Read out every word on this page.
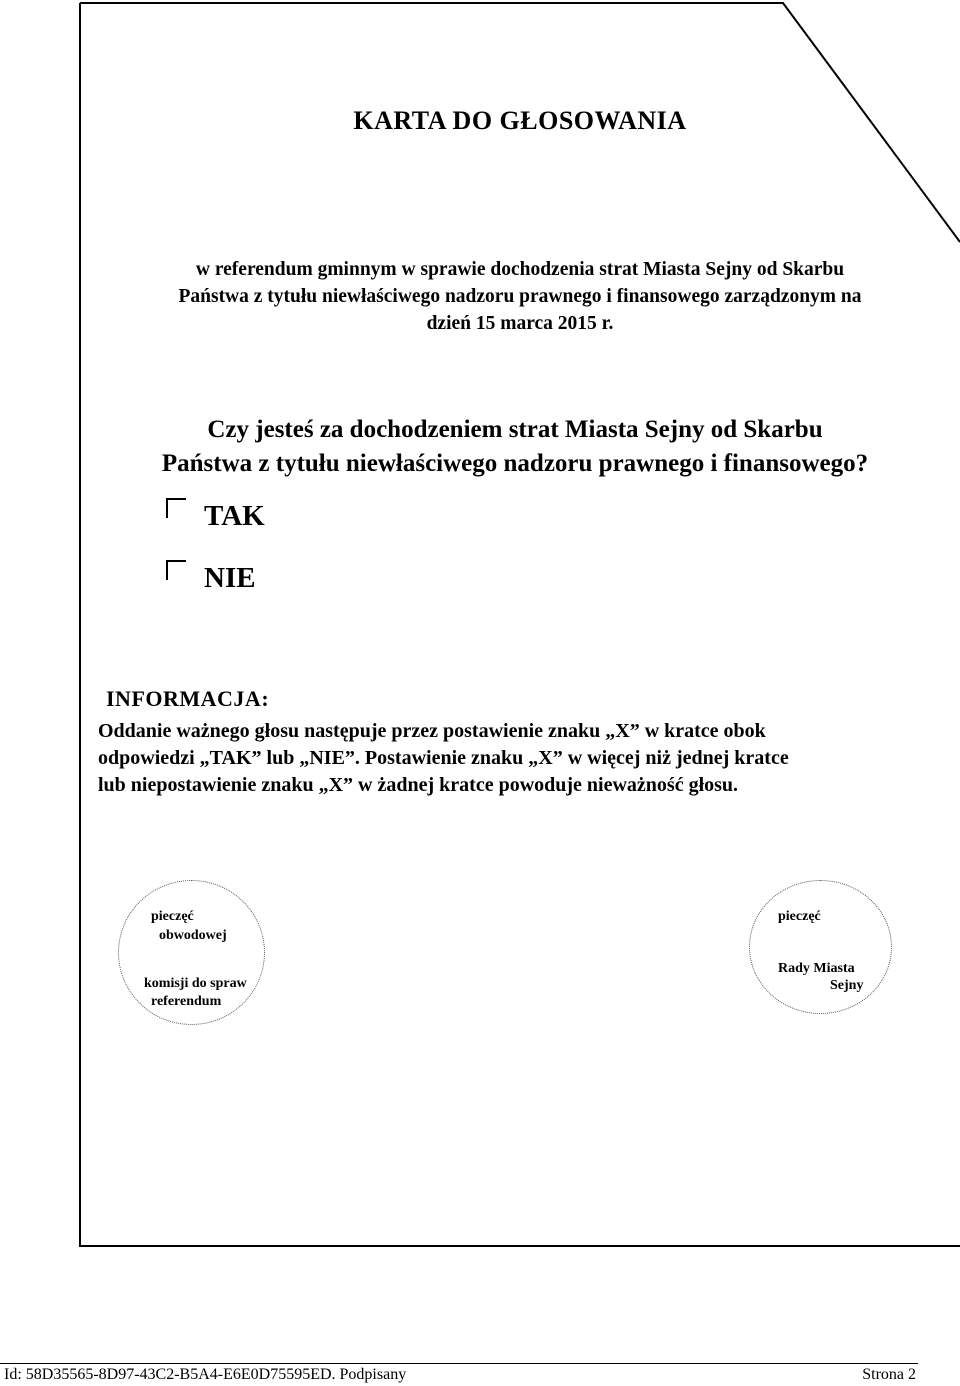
KARTA DO GŁOSOWANIA
w referendum gminnym w sprawie dochodzenia strat Miasta Sejny od Skarbu
Państwa z tytułu niewłaściwego nadzoru prawnego i finansowego zarządzonym na
dzień 15 marca 2015 r.
Czy jesteś za dochodzeniem strat Miasta Sejny od Skarbu
Państwa z tytułu niewłaściwego nadzoru prawnego i finansowego?
TAK
NIE
INFORMACJA:
Oddanie ważnego głosu następuje przez postawienie znaku „X” w kratce obok
odpowiedzi „TAK” lub „NIE”. Postawienie znaku „X” w więcej niż jednej kratce
lub niepostawienie znaku „X” w żadnej kratce powoduje nieważność głosu.
pieczęć
obwodowej
komisji do spraw
referendum
pieczęć
Rady Miasta
Sejny
Id: 58D35565-8D97-43C2-B5A4-E6E0D75595ED. Podpisany	Strona 2
